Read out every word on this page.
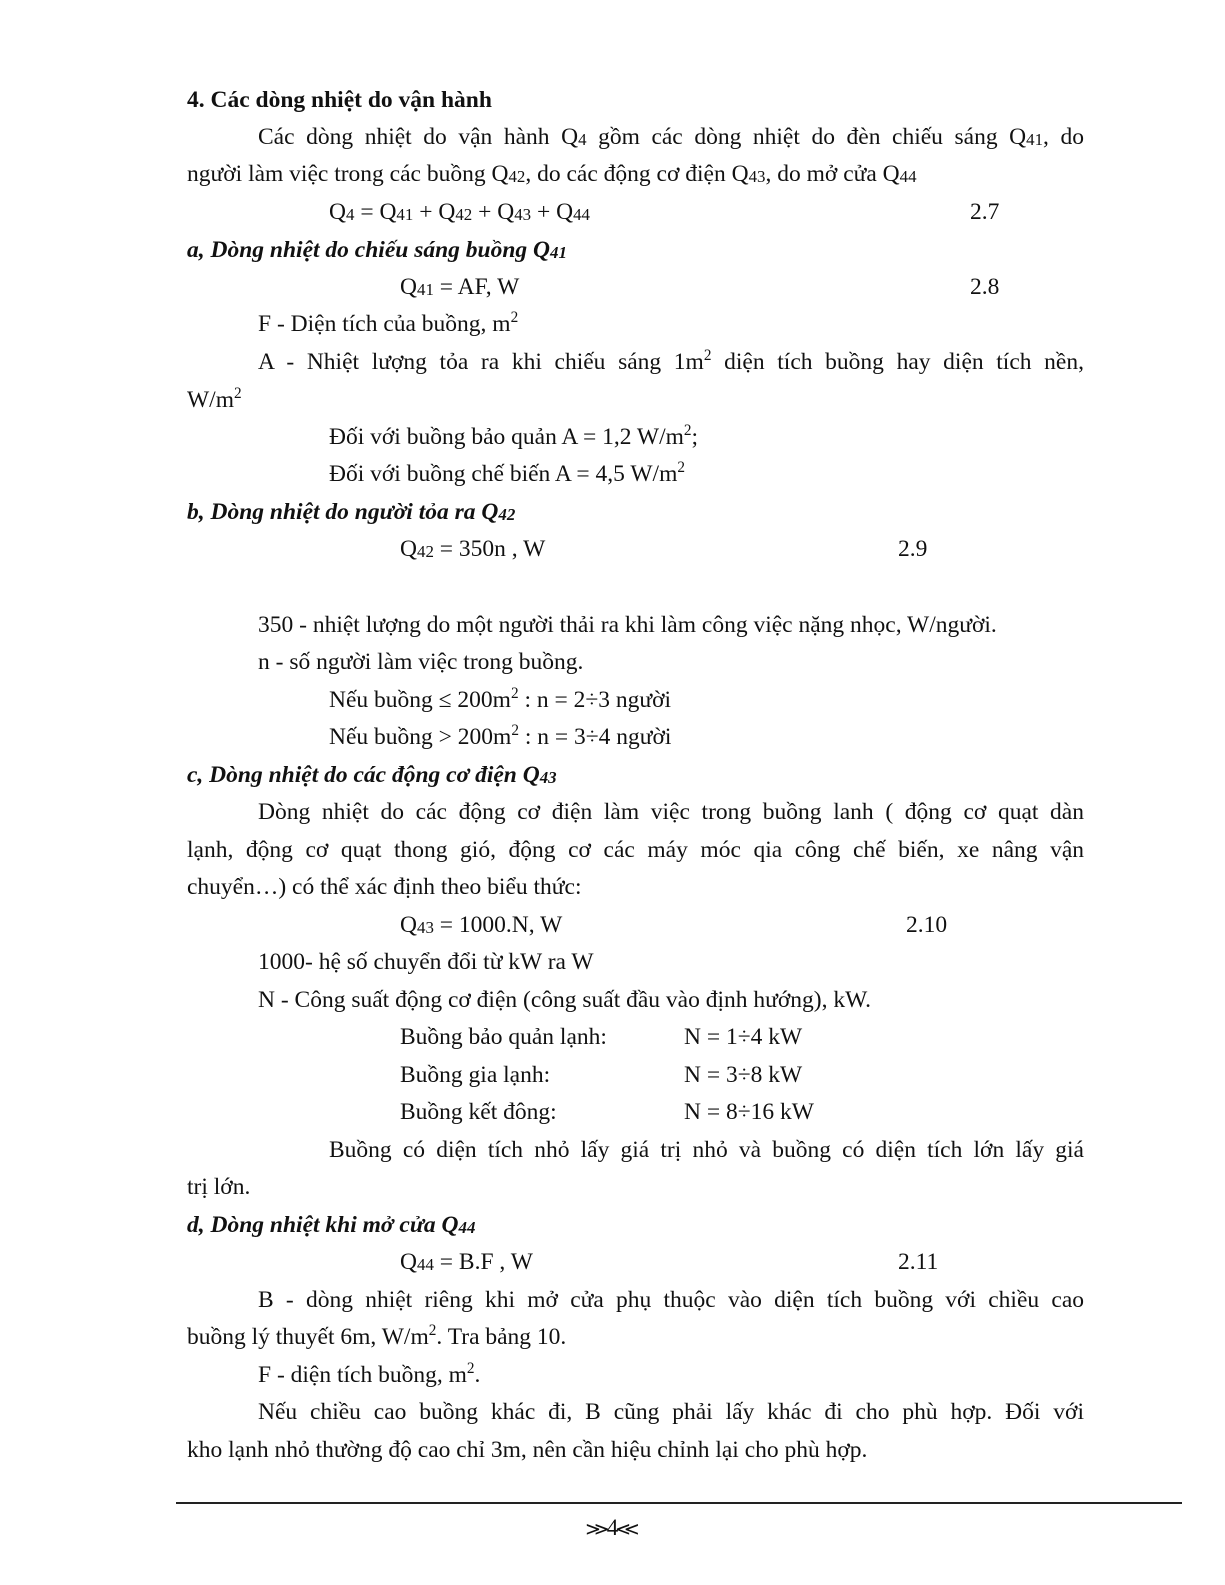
4. Các dòng nhiệt do vận hành
Các dòng nhiệt do vận hành $Q_4$ gồm các dòng nhiệt do đèn chiếu sáng $Q_{41}$, do
người làm việc trong các buồng $Q_{42}$, do các động cơ điện $Q_{43}$, do mở cửa $Q_{44}$
$Q_4 = Q_{41} + Q_{42} + Q_{43} + Q_{44}$	2.7
a, Dòng nhiệt do chiếu sáng buồng $Q_{41}$
$Q_{41}$ = AF, W	2.8
F - Diện tích của buồng, $m^2$
A - Nhiệt lượng tỏa ra khi chiếu sáng $1m^2$ diện tích buồng hay diện tích nền,
$W/m^2$
Đối với buồng bảo quản A = 1,2 $W/m^2$;
Đối với buồng chế biến A = 4,5 $W/m^2$
b, Dòng nhiệt do người tỏa ra $Q_{42}$
$Q_{42} = 350n$ , W	2.9
350 - nhiệt lượng do một người thải ra khi làm công việc nặng nhọc, W/người.
n - số người làm việc trong buồng.
Nếu buồng ≤ $200m^2$ : n = 2÷3 người
Nếu buồng > $200m^2$ : n = 3÷4 người
c, Dòng nhiệt do các động cơ điện $Q_{43}$
Dòng nhiệt do các động cơ điện làm việc trong buồng lanh ( động cơ quạt dàn
lạnh, động cơ quạt thong gió, động cơ các máy móc qia công chế biến, xe nâng vận
chuyển…) có thể xác định theo biểu thức:
$Q_{43} = 1000.N$, W	2.10
1000- hệ số chuyển đổi từ kW ra W
N - Công suất động cơ điện (công suất đầu vào định hướng), kW.
Buồng bảo quản lạnh:	N = 1÷4 kW
Buồng gia lạnh:	N = 3÷8 kW
Buồng kết đông:	N = 8÷16 kW
Buồng có diện tích nhỏ lấy giá trị nhỏ và buồng có diện tích lớn lấy giá
trị lớn.
d, Dòng nhiệt khi mở cửa $Q_{44}$
$Q_{44} = B.F$ , W	2.11
B - dòng nhiệt riêng khi mở cửa phụ thuộc vào diện tích buồng với chiều cao
buồng lý thuyết 6m, $W/m^2$. Tra bảng 10.
F - diện tích buồng, $m^2$.
Nếu chiều cao buồng khác đi, B cũng phải lấy khác đi cho phù hợp. Đối với
kho lạnh nhỏ thường độ cao chỉ 3m, nên cần hiệu chỉnh lại cho phù hợp.
≫4≪
